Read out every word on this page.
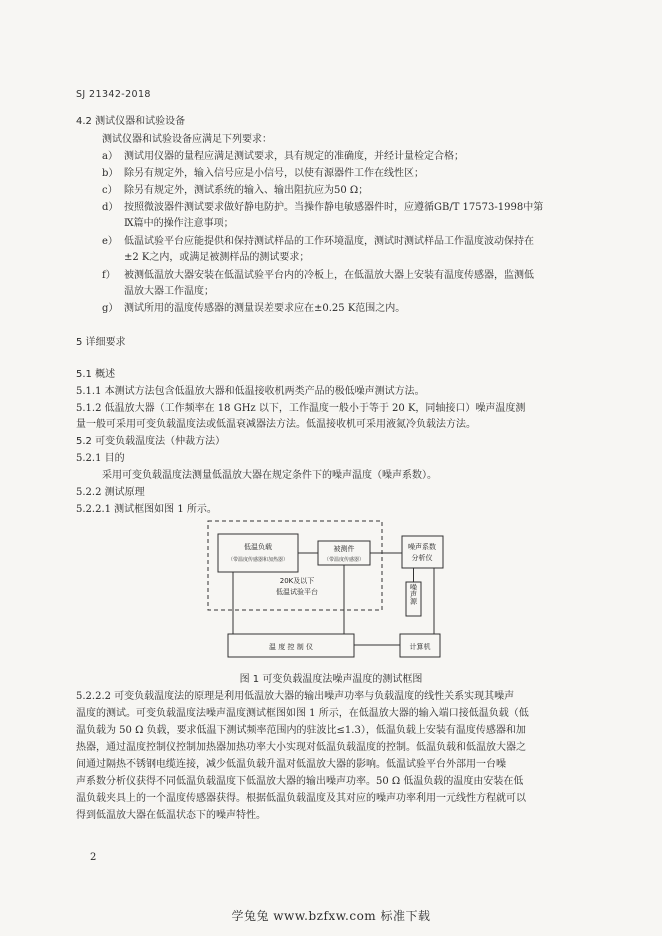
SJ 21342-2018
4.2 测试仪器和试验设备
测试仪器和试验设备应满足下列要求：
a） 测试用仪器的量程应满足测试要求，具有规定的准确度，并经计量检定合格；
b） 除另有规定外，输入信号应是小信号，以使有源器件工作在线性区；
c） 除另有规定外，测试系统的输入、输出阻抗应为50 Ω；
d） 按照微波器件测试要求做好静电防护。当操作静电敏感器件时，应遵循GB/T 17573-1998中第
Ⅸ篇中的操作注意事项；
e） 低温试验平台应能提供和保持测试样品的工作环境温度，测试时测试样品工作温度波动保持在
±2 K之内，或满足被测样品的测试要求；
f） 被测低温放大器安装在低温试验平台内的冷板上，在低温放大器上安装有温度传感器，监测低
温放大器工作温度；
g） 测试所用的温度传感器的测量误差要求应在±0.25 K范围之内。
5 详细要求
5.1 概述
5.1.1 本测试方法包含低温放大器和低温接收机两类产品的极低噪声测试方法。
5.1.2 低温放大器（工作频率在 18 GHz 以下，工作温度一般小于等于 20 K，同轴接口）噪声温度测
量一般可采用可变负载温度法或低温衰减器法方法。低温接收机可采用液氮冷负载法方法。
5.2 可变负载温度法（仲裁方法）
5.2.1 目的
采用可变负载温度法测量低温放大器在规定条件下的噪声温度（噪声系数）。
5.2.2 测试原理
5.2.2.1 测试框图如图 1 所示。
低温负载
（带温度传感器和加热器）
被测件
（带温度传感器）
20K及以下
低温试验平台
噪声系数
分析仪
噪声源
温 度 控 制 仪	计算机
图 1 可变负载温度法噪声温度的测试框图
5.2.2.2 可变负载温度法的原理是利用低温放大器的输出噪声功率与负载温度的线性关系实现其噪声
温度的测试。可变负载温度法噪声温度测试框图如图 1 所示，在低温放大器的输入端口接低温负载（低
温负载为 50 Ω 负载，要求低温下测试频率范围内的驻波比≤1.3），低温负载上安装有温度传感器和加
热器，通过温度控制仪控制加热器加热功率大小实现对低温负载温度的控制。低温负载和低温放大器之
间通过隔热不锈钢电缆连接，减少低温负载升温对低温放大器的影响。低温试验平台外部用一台噪
声系数分析仪获得不同低温负载温度下低温放大器的输出噪声功率。50 Ω 低温负载的温度由安装在低
温负载夹具上的一个温度传感器获得。根据低温负载温度及其对应的噪声功率利用一元线性方程就可以
得到低温放大器在低温状态下的噪声特性。
2
学兔兔 www.bzfxw.com 标准下载
